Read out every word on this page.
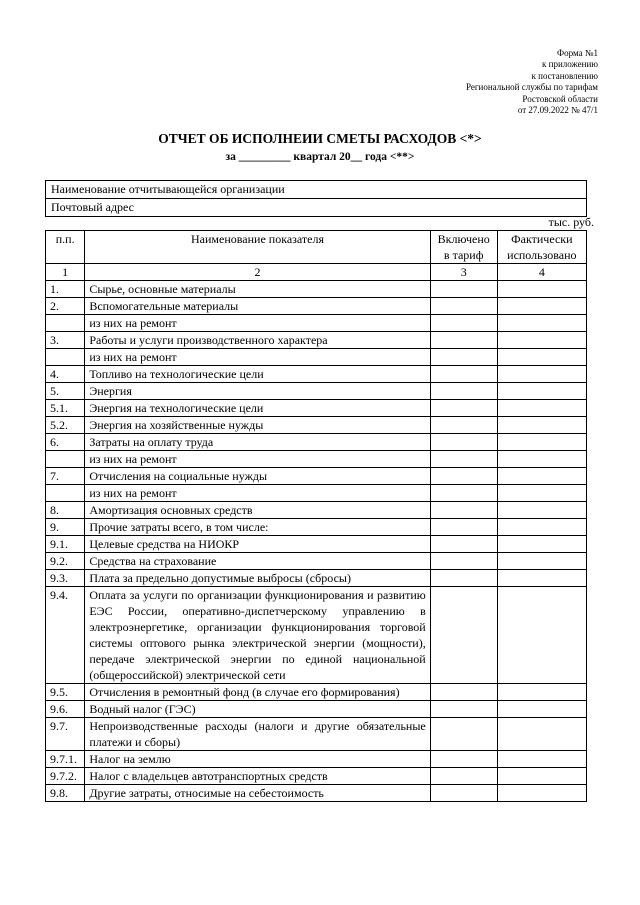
Форма №1
к приложению
к постановлению
Региональной службы по тарифам
Ростовской области
от 27.09.2022 № 47/1
ОТЧЕТ ОБ ИСПОЛНЕИИ СМЕТЫ РАСХОДОВ <*>
за _________ квартал 20__ года <**>
Наименование отчитывающейся организации
Почтовый адрес
тыс. руб.
п.п.	Наименование показателя	Включено в тариф	Фактически использовано
1	2	3	4
1.	Сырье, основные материалы		
2.	Вспомогательные материалы		
	из них на ремонт		
3.	Работы и услуги производственного характера		
	из них на ремонт		
4.	Топливо на технологические цели		
5.	Энергия		
5.1.	Энергия на технологические цели		
5.2.	Энергия на хозяйственные нужды		
6.	Затраты на оплату труда		
	из них на ремонт		
7.	Отчисления на социальные нужды		
	из них на ремонт		
8.	Амортизация основных средств		
9.	Прочие затраты всего, в том числе:		
9.1.	Целевые средства на НИОКР		
9.2.	Средства на страхование		
9.3.	Плата за предельно допустимые выбросы (сбросы)		
9.4.	Оплата за услуги по организации функционирования и развитию ЕЭС России, оперативно-диспетчерскому управлению в электроэнергетике, организации функционирования торговой системы оптового рынка электрической энергии (мощности), передаче электрической энергии по единой национальной (общероссийской) электрической сети		
9.5.	Отчисления в ремонтный фонд (в случае его формирования)		
9.6.	Водный налог (ГЭС)		
9.7.	Непроизводственные расходы (налоги и другие обязательные платежи и сборы)		
9.7.1.	Налог на землю		
9.7.2.	Налог с владельцев автотранспортных средств		
9.8.	Другие затраты, относимые на себестоимость		
